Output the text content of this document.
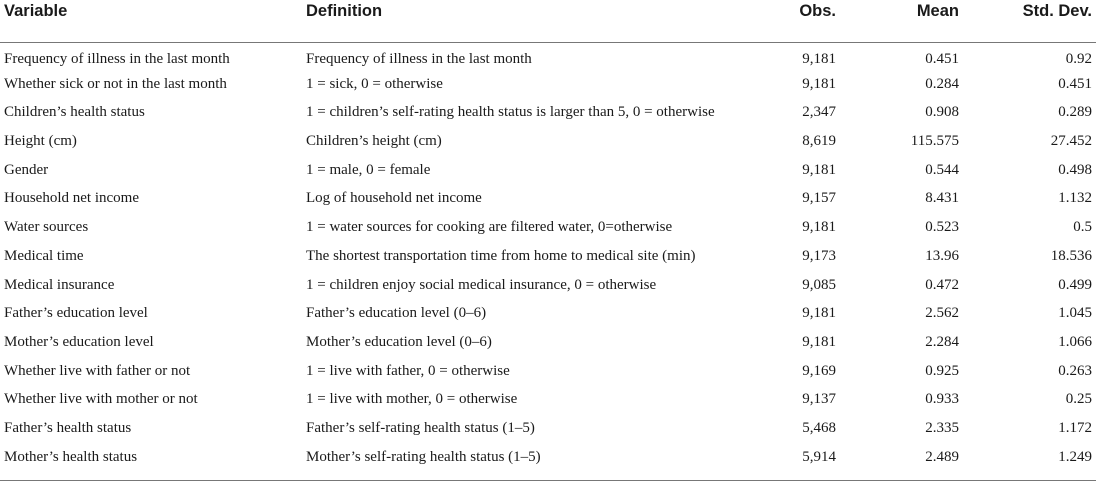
Variable	Definition	Obs.	Mean	Std. Dev.
Frequency of illness in the last month	Frequency of illness in the last month	9,181	0.451	0.92
Whether sick or not in the last month	1 = sick, 0 = otherwise	9,181	0.284	0.451
Children’s health status	1 = children’s self-rating health status is larger than 5, 0 = otherwise	2,347	0.908	0.289
Height (cm)	Children’s height (cm)	8,619	115.575	27.452
Gender	1 = male, 0 = female	9,181	0.544	0.498
Household net income	Log of household net income	9,157	8.431	1.132
Water sources	1 = water sources for cooking are filtered water, 0=otherwise	9,181	0.523	0.5
Medical time	The shortest transportation time from home to medical site (min)	9,173	13.96	18.536
Medical insurance	1 = children enjoy social medical insurance, 0 = otherwise	9,085	0.472	0.499
Father’s education level	Father’s education level (0–6)	9,181	2.562	1.045
Mother’s education level	Mother’s education level (0–6)	9,181	2.284	1.066
Whether live with father or not	1 = live with father, 0 = otherwise	9,169	0.925	0.263
Whether live with mother or not	1 = live with mother, 0 = otherwise	9,137	0.933	0.25
Father’s health status	Father’s self-rating health status (1–5)	5,468	2.335	1.172
Mother’s health status	Mother’s self-rating health status (1–5)	5,914	2.489	1.249
